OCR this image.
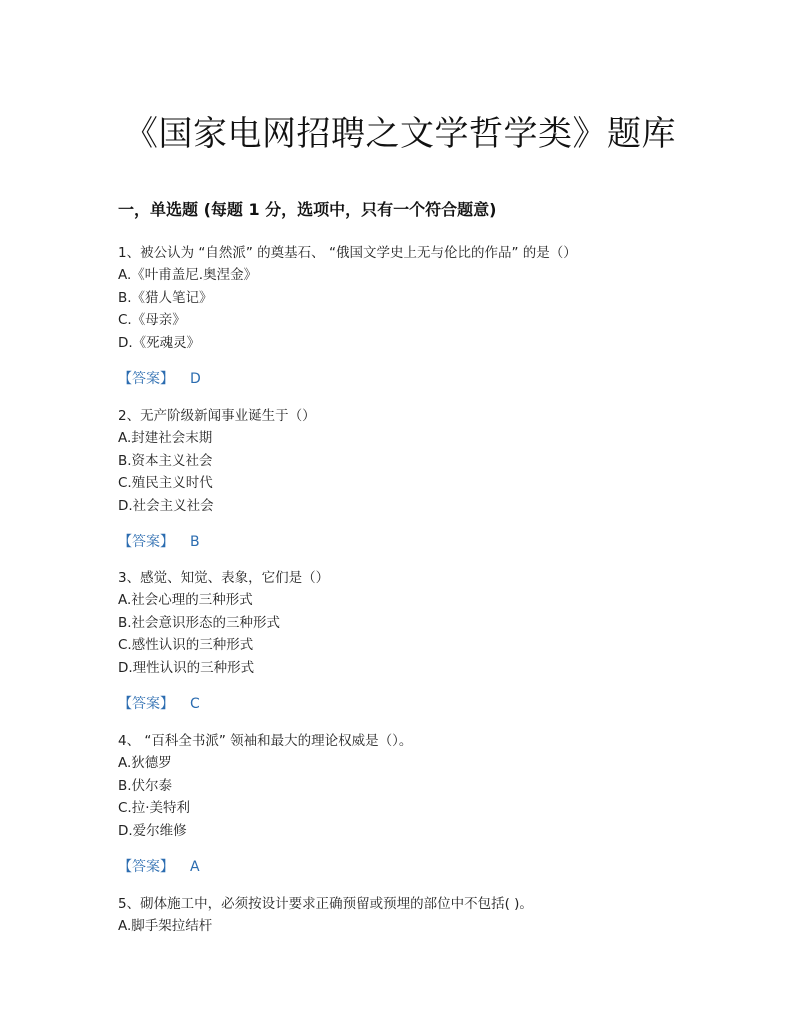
《国家电网招聘之文学哲学类》题库
一，单选题 (每题 1 分，选项中，只有一个符合题意)
1、被公认为 “自然派” 的奠基石、 “俄国文学史上无与伦比的作品” 的是（）
A.《叶甫盖尼.奥涅金》
B.《猎人笔记》
C.《母亲》
D.《死魂灵》
【答案】 D
2、无产阶级新闻事业诞生于（）
A.封建社会末期
B.资本主义社会
C.殖民主义时代
D.社会主义社会
【答案】 B
3、感觉、知觉、表象，它们是（）
A.社会心理的三种形式
B.社会意识形态的三种形式
C.感性认识的三种形式
D.理性认识的三种形式
【答案】 C
4、 “百科全书派” 领袖和最大的理论权威是（）。
A.狄德罗
B.伏尔泰
C.拉·美特利
D.爱尔维修
【答案】 A
5、砌体施工中，必须按设计要求正确预留或预埋的部位中不包括( )。
A.脚手架拉结杆
